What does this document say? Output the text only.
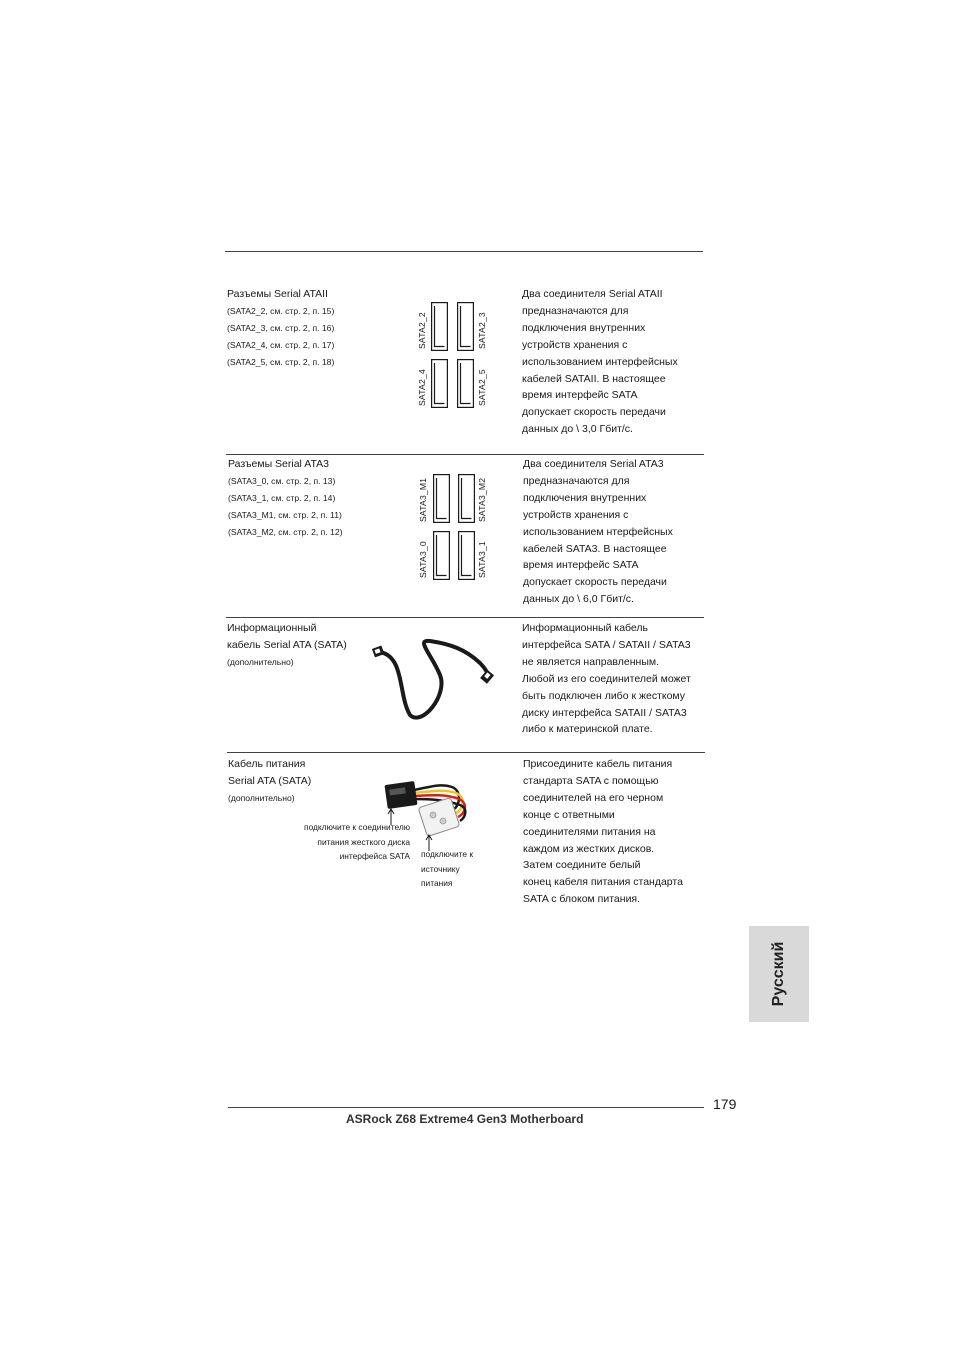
Разъемы Serial ATAII
(SATA2_2, см. стр. 2, п. 15)
(SATA2_3, см. стр. 2, п. 16)
(SATA2_4, см. стр. 2, п. 17)
(SATA2_5, см. стр. 2, п. 18)
SATA2_2	SATA2_3
SATA2_4	SATA2_5
Два соединителя Serial ATAII
предназначаются для
подключения внутренних
устройств хранения с
использованием интерфейсных
кабелей SATAII. В настоящее
время интерфейс SATA
допускает скорость передачи
данных до \ 3,0 Гбит/с.
Разъемы Serial ATA3
(SATA3_0, см. стр. 2, п. 13)
(SATA3_1, см. стр. 2, п. 14)
(SATA3_M1, см. стр. 2, п. 11)
(SATA3_M2, см. стр. 2, п. 12)
SATA3_M1	SATA3_M2
SATA3_0	SATA3_1
Два соединителя Serial ATA3
предназначаются для
подключения внутренних
устройств хранения с
использованием нтерфейсных
кабелей SATA3. В настоящее
время интерфейс SATA
допускает скорость передачи
данных до \ 6,0 Гбит/с.
Информационный
кабель Serial ATA (SATA)
(дополнительно)
Информационный кабель
интерфейса SATA / SATAII / SATA3
не является направленным.
Любой из его соединителей может
быть подключен либо к жесткому
диску интерфейса SATAII / SATA3
либо к материнской плате.
Кабель питания
Serial ATA (SATA)
(дополнительно)
подключите к соединителю
питания жесткого диска
интерфейса SATA подключите к
источнику
питания
Присоедините кабель питания
стандарта SATA с помощью
соединителей на его черном
конце с ответными
соединителями питания на
каждом из жестких дисков.
Затем соедините белый
конец кабеля питания стандарта
SATA с блоком питания.
Русский
179
ASRock Z68 Extreme4 Gen3 Motherboard
